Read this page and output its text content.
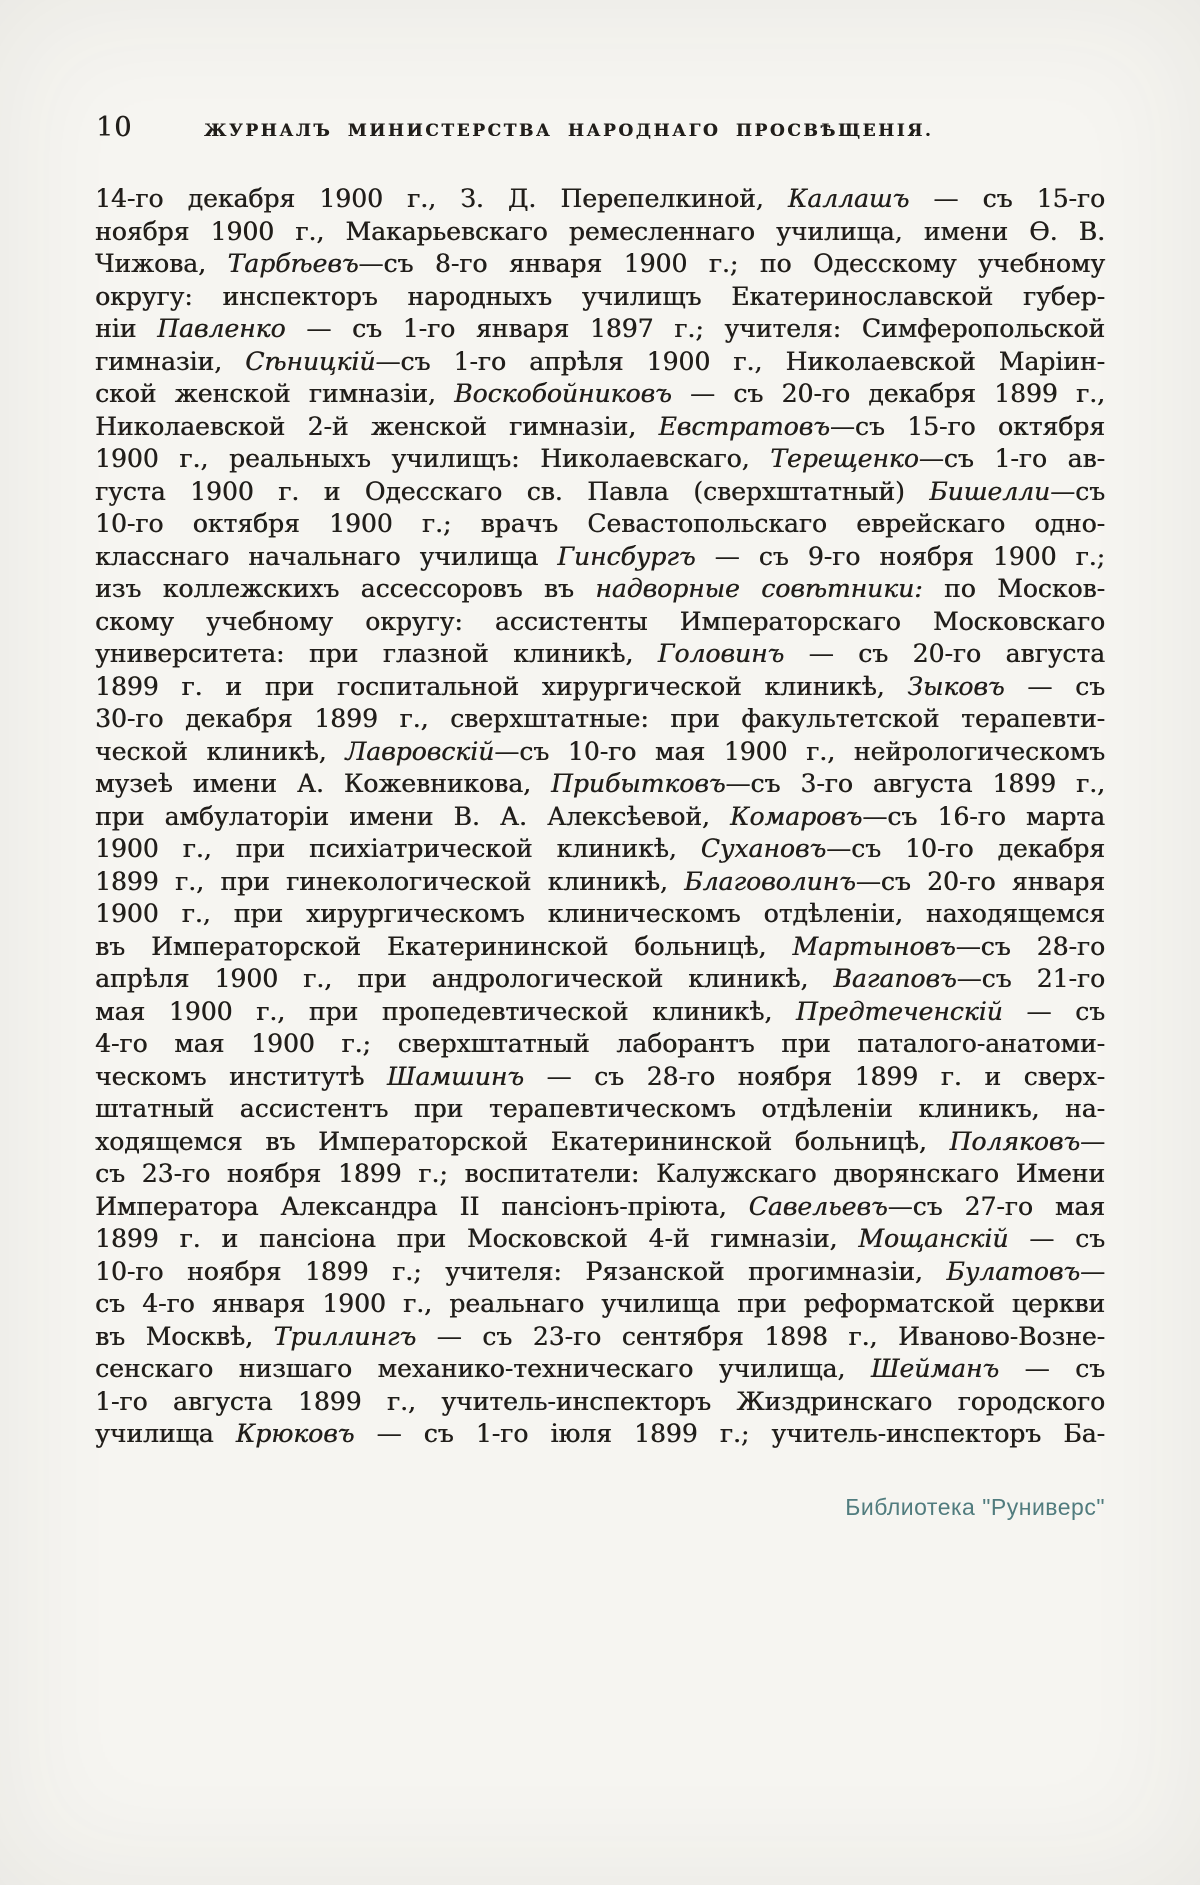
10	ЖУРНАЛЪ МИНИСТЕРСТВА НАРОДНАГО ПРОСВѢЩЕНІЯ.
14-го декабря 1900 г., З. Д. Перепелкиной, Каллашъ — съ 15-го
ноября 1900 г., Макарьевскаго ремесленнаго училища, имени Ѳ. В.
Чижова, Тарбѣевъ—съ 8-го января 1900 г.; по Одесскому учебному
округу: инспекторъ народныхъ училищъ Екатеринославской губер-
ніи Павленко — съ 1-го января 1897 г.; учителя: Симферопольской
гимназіи, Сѣницкій—съ 1-го апрѣля 1900 г., Николаевской Маріин-
ской женской гимназіи, Воскобойниковъ — съ 20-го декабря 1899 г.,
Николаевской 2-й женской гимназіи, Евстратовъ—съ 15-го октября
1900 г., реальныхъ училищъ: Николаевскаго, Терещенко—съ 1-го ав-
густа 1900 г. и Одесскаго св. Павла (сверхштатный) Бишелли—съ
10-го октября 1900 г.; врачъ Севастопольскаго еврейскаго одно-
класснаго начальнаго училища Гинсбургъ — съ 9-го ноября 1900 г.;
изъ коллежскихъ ассессоровъ въ надворные совѣтники: по Москов-
скому учебному округу: ассистенты Императорскаго Московскаго
университета: при глазной клиникѣ, Головинъ — съ 20-го августа
1899 г. и при госпитальной хирургической клиникѣ, Зыковъ — съ
30-го декабря 1899 г., сверхштатные: при факультетской терапевти-
ческой клиникѣ, Лавровскій—съ 10-го мая 1900 г., нейрологическомъ
музеѣ имени А. Кожевникова, Прибытковъ—съ 3-го августа 1899 г.,
при амбулаторіи имени В. А. Алексѣевой, Комаровъ—съ 16-го марта
1900 г., при психіатрической клиникѣ, Сухановъ—съ 10-го декабря
1899 г., при гинекологической клиникѣ, Благоволинъ—съ 20-го января
1900 г., при хирургическомъ клиническомъ отдѣленіи, находящемся
въ Императорской Екатерининской больницѣ, Мартыновъ—съ 28-го
апрѣля 1900 г., при андрологической клиникѣ, Вагаповъ—съ 21-го
мая 1900 г., при пропедевтической клиникѣ, Предтеченскій — съ
4-го мая 1900 г.; сверхштатный лаборантъ при паталого-анатоми-
ческомъ институтѣ Шамшинъ — съ 28-го ноября 1899 г. и сверх-
штатный ассистентъ при терапевтическомъ отдѣленіи клиникъ, на-
ходящемся въ Императорской Екатерининской больницѣ, Поляковъ—
съ 23-го ноября 1899 г.; воспитатели: Калужскаго дворянскаго Имени
Императора Александра II пансіонъ-пріюта, Савельевъ—съ 27-го мая
1899 г. и пансіона при Московской 4-й гимназіи, Мощанскій — съ
10-го ноября 1899 г.; учителя: Рязанской прогимназіи, Булатовъ—
съ 4-го января 1900 г., реальнаго училища при реформатской церкви
въ Москвѣ, Триллингъ — съ 23-го сентября 1898 г., Иваново-Возне-
сенскаго низшаго механико-техническаго училища, Шейманъ — съ
1-го августа 1899 г., учитель-инспекторъ Жиздринскаго городского
училища Крюковъ — съ 1-го іюля 1899 г.; учитель-инспекторъ Ба-
Библиотека "Руниверс"
